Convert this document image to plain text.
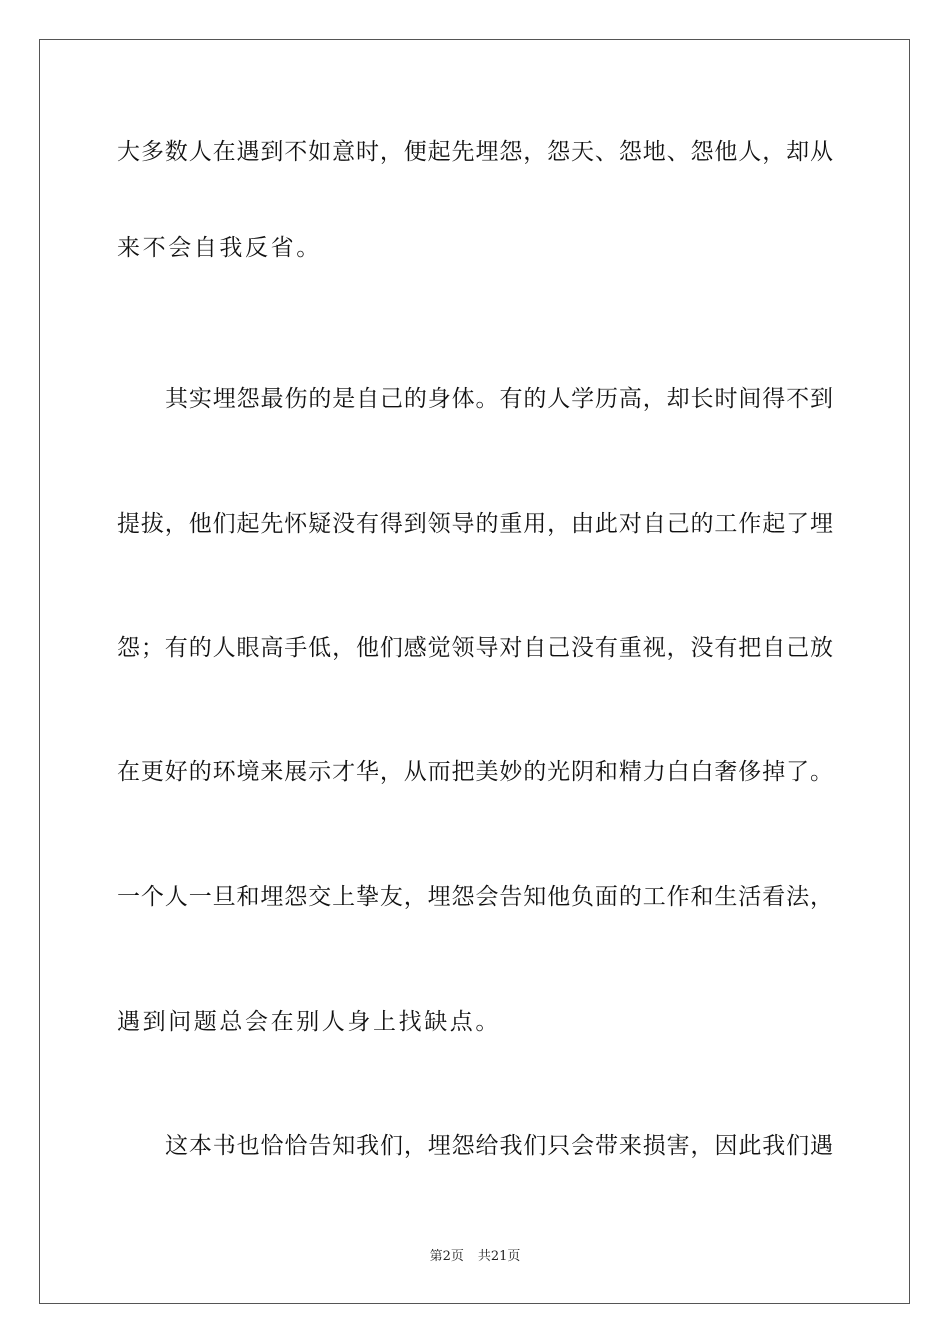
大多数人在遇到不如意时，便起先埋怨，怨天、怨地、怨他人，却从
来不会自我反省。
其实埋怨最伤的是自己的身体。有的人学历高，却长时间得不到
提拔，他们起先怀疑没有得到领导的重用，由此对自己的工作起了埋
怨；有的人眼高手低，他们感觉领导对自己没有重视，没有把自己放
在更好的环境来展示才华，从而把美妙的光阴和精力白白奢侈掉了。
一个人一旦和埋怨交上挚友，埋怨会告知他负面的工作和生活看法，
遇到问题总会在别人身上找缺点。
这本书也恰恰告知我们，埋怨给我们只会带来损害，因此我们遇
第2页 共21页
